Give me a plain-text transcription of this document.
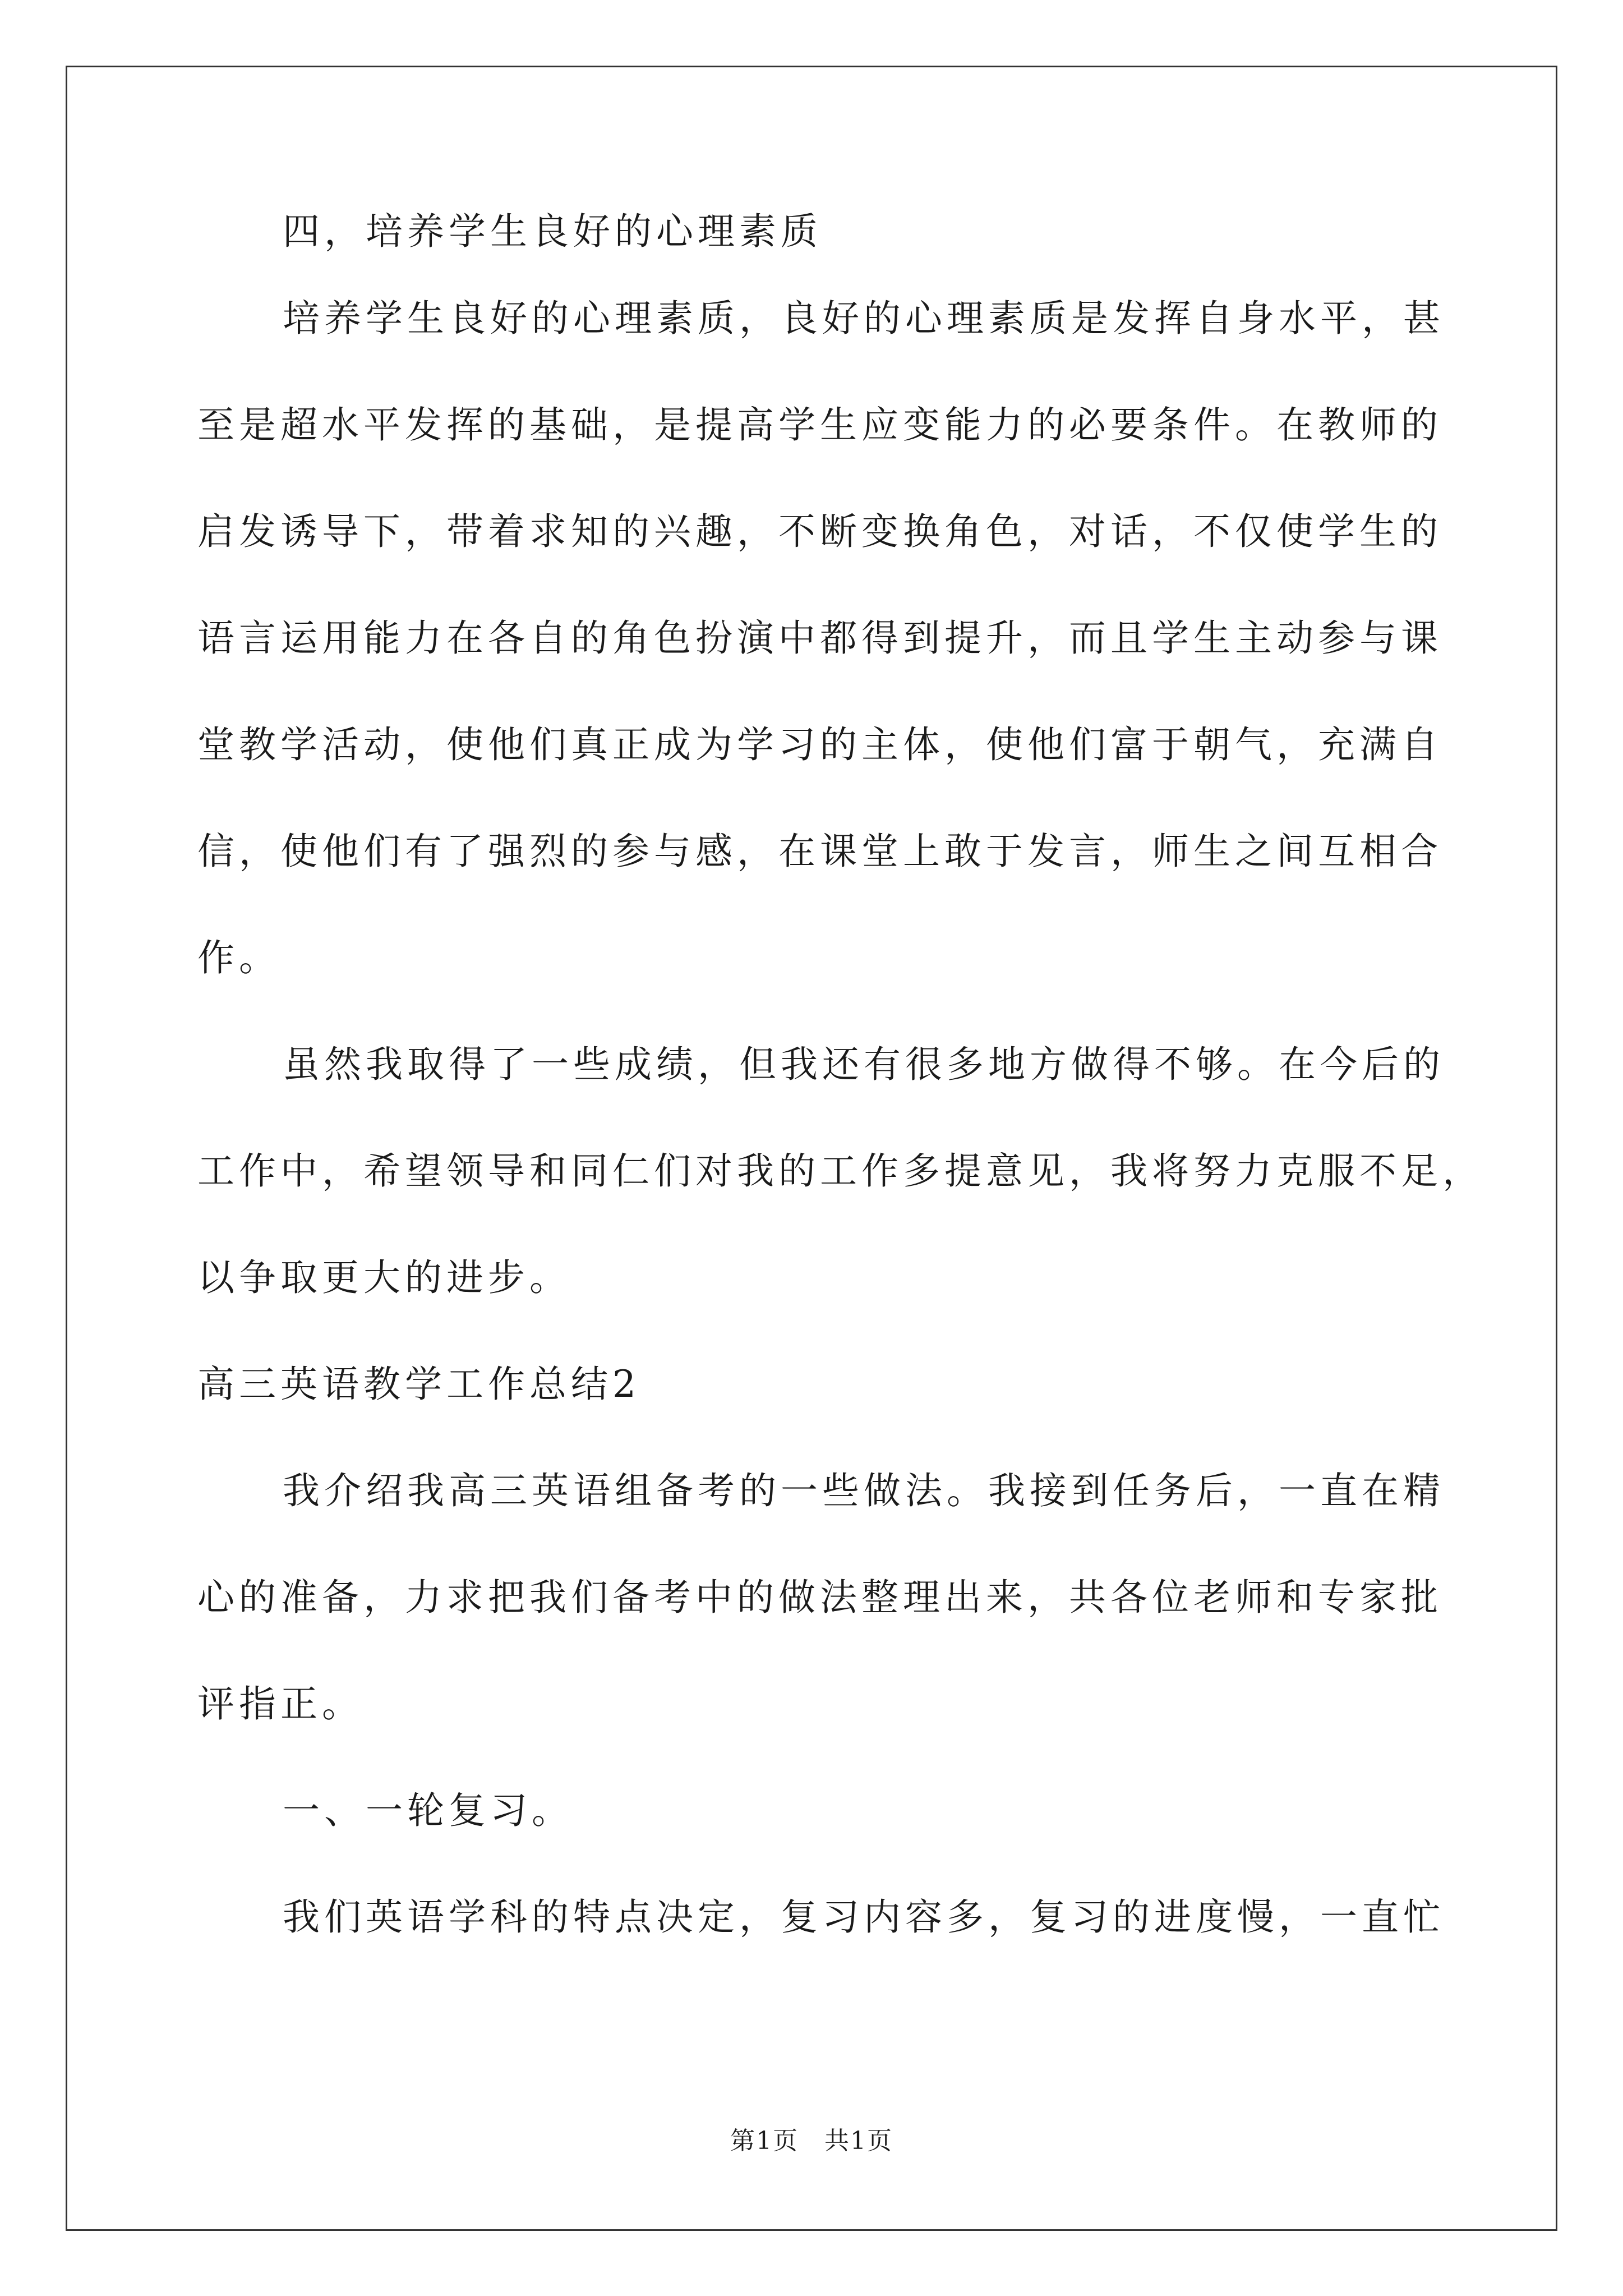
四，培养学生良好的心理素质

培养学生良好的心理素质，良好的心理素质是发挥自身水平，甚

至是超水平发挥的基础，是提高学生应变能力的必要条件。在教师的

启发诱导下，带着求知的兴趣，不断变换角色，对话，不仅使学生的

语言运用能力在各自的角色扮演中都得到提升，而且学生主动参与课

堂教学活动，使他们真正成为学习的主体，使他们富于朝气，充满自

信，使他们有了强烈的参与感，在课堂上敢于发言，师生之间互相合

作。

虽然我取得了一些成绩，但我还有很多地方做得不够。在今后的

工作中，希望领导和同仁们对我的工作多提意见，我将努力克服不足，

以争取更大的进步。

高三英语教学工作总结2

我介绍我高三英语组备考的一些做法。我接到任务后，一直在精

心的准备，力求把我们备考中的做法整理出来，共各位老师和专家批

评指正。

一、一轮复习。

我们英语学科的特点决定，复习内容多，复习的进度慢，一直忙

第1页　共1页
